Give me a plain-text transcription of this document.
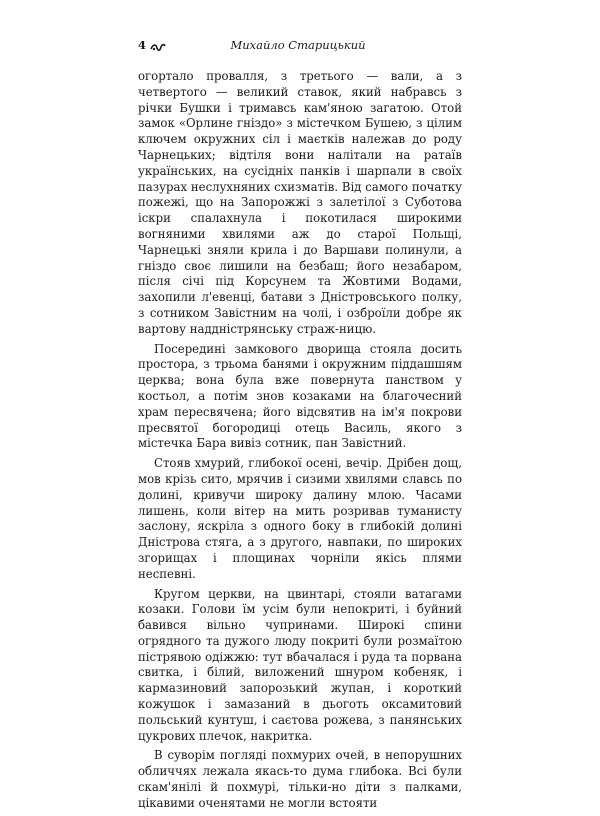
4	Михайло Старицький

огортало провалля, з третього — вали, а з четвертого — великий ставок, який набравсь з річки Бушки і тримавсь кам'яною загатою. Отой замок «Орлине гніздо» з містечком Бушею, з цілим ключем окружних сіл і маєтків належав до роду Чарнецьких; відтіля вони налітали на ратаїв українських, на сусідніх панків і шарпали в своїх пазурах неслухняних схизматів. Від самого початку пожежі, що на Запорожжі з залетілої з Суботова іскри спалахнула і покотилася широкими вогняними хвилями аж до старої Польщі, Чарнецькі зняли крила і до Варшави полинули, а гніздо своє лишили на безбаш; його незабаром, після січі під Корсунем та Жовтими Водами, захопили л'евенці, батави з Дністровського полку, з сотником Завістним на чолі, і озброїли добре як вартову наддністрянську страж-ницю.

Посередині замкового дворища стояла досить простора, з трьома банями і окружним піддашшям церква; вона була вже повернута панством у костьол, а потім знов козаками на благочесний храм пересвячена; його відсвятив на ім'я покрови пресвятої богородиці отець Василь, якого з містечка Бара вивіз сотник, пан Завістний.

Стояв хмурий, глибокої осені, вечір. Дрібен дощ, мов крізь сито, мрячив і сизими хвилями славсь по долині, кривучи широку далину млою. Часами лишень, коли вітер на мить розривав туманисту заслону, яскріла з одного боку в глибокій долині Дністрова стяга, а з другого, навпаки, по широких згорищах і площинах чорніли якісь плями неспевні.

Кругом церкви, на цвинтарі, стояли ватагами козаки. Голови їм усім були непокриті, і буйний бавився вільно чупринами. Широкі спини огрядного та дужого люду покриті були розмаїтою пістрявою одіжжю: тут вбачалася і руда та порвана свитка, і білий, виложений шнуром кобеняк, і кармазиновий запорозький жупан, і короткий кожушок і замазаний в дьоготь оксамитовий польський кунтуш, і саєтова рожева, з панянських цукрових плечок, накритка.

В суворім погляді похмурих очей, в непорушних обличчях лежала якась-то дума глибока. Всі були скам'янілі й похмурі, тільки-но діти з палками, цікавими оченятами не могли встояти
